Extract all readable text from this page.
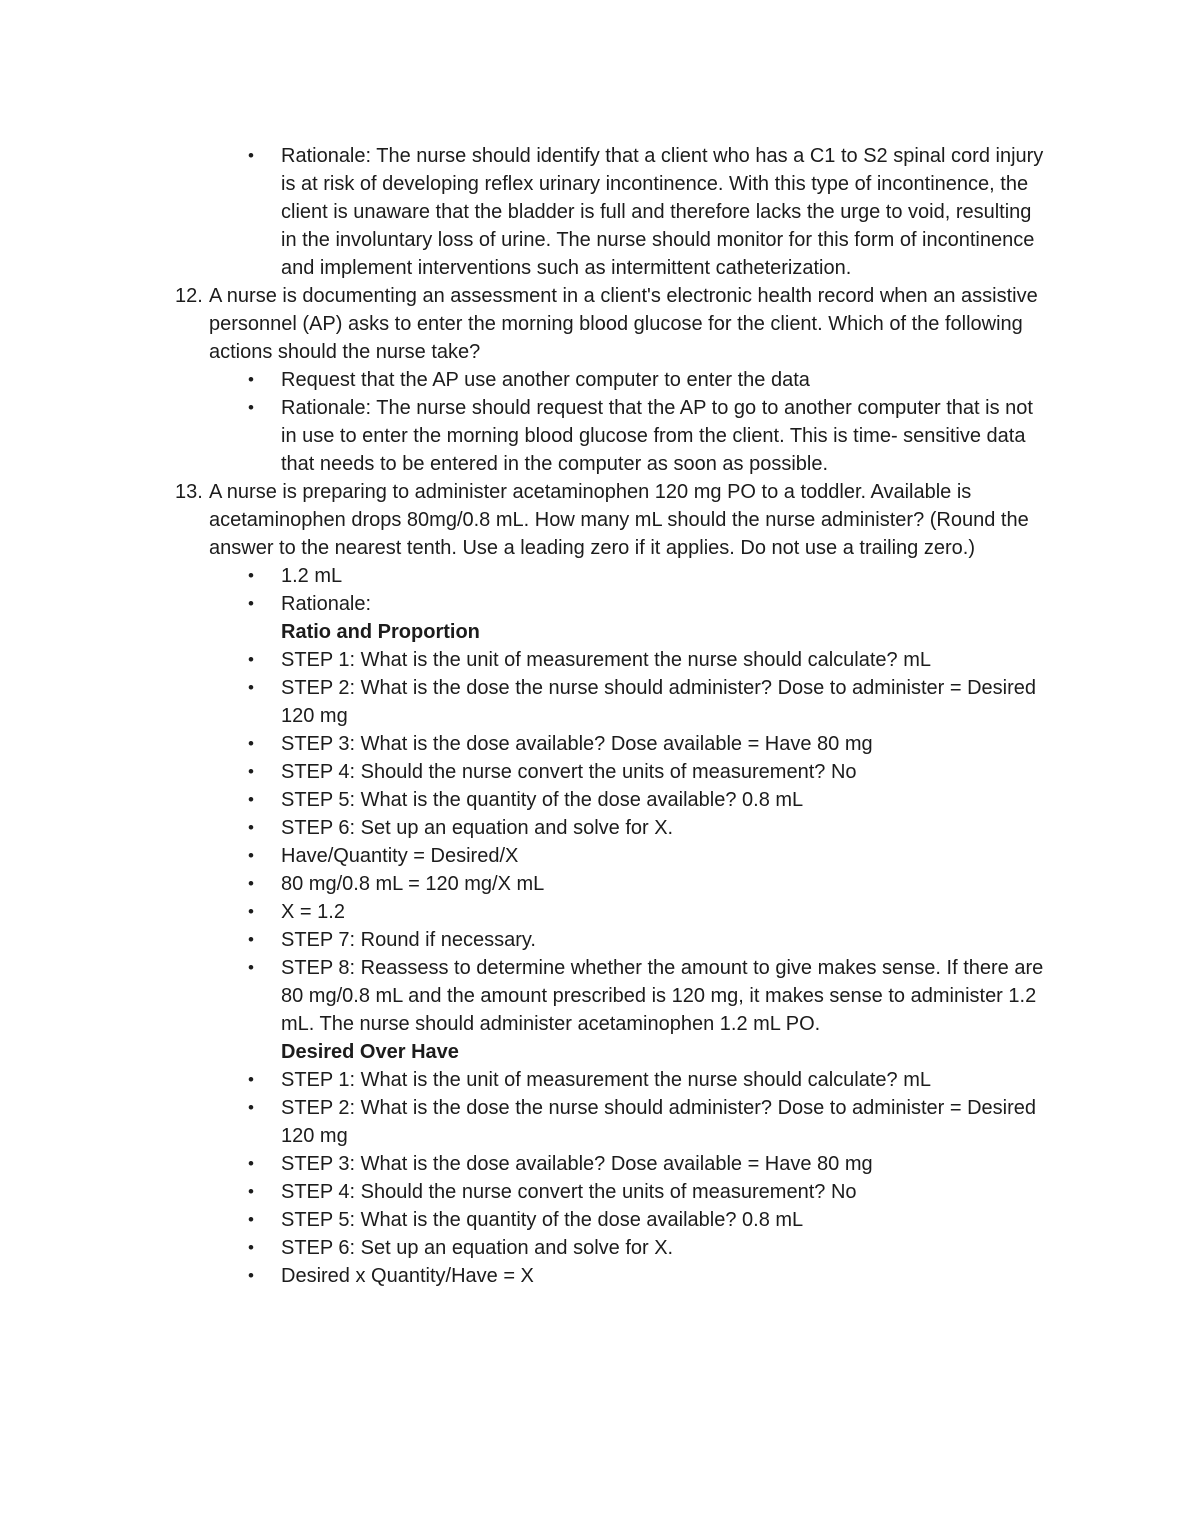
•	Rationale: The nurse should identify that a client who has a C1 to S2 spinal cord injury is at risk of developing reflex urinary incontinence. With this type of incontinence, the client is unaware that the bladder is full and therefore lacks the urge to void, resulting in the involuntary loss of urine. The nurse should monitor for this form of incontinence and implement interventions such as intermittent catheterization.
12. A nurse is documenting an assessment in a client's electronic health record when an assistive personnel (AP) asks to enter the morning blood glucose for the client. Which of the following actions should the nurse take?
•	Request that the AP use another computer to enter the data
•	Rationale: The nurse should request that the AP to go to another computer that is not in use to enter the morning blood glucose from the client. This is time- sensitive data that needs to be entered in the computer as soon as possible.
13. A nurse is preparing to administer acetaminophen 120 mg PO to a toddler. Available is acetaminophen drops 80mg/0.8 mL. How many mL should the nurse administer? (Round the answer to the nearest tenth. Use a leading zero if it applies. Do not use a trailing zero.)
•	1.2 mL
•	Rationale:
Ratio and Proportion
•	STEP 1: What is the unit of measurement the nurse should calculate? mL
•	STEP 2: What is the dose the nurse should administer? Dose to administer = Desired 120 mg
•	STEP 3: What is the dose available? Dose available = Have 80 mg
•	STEP 4: Should the nurse convert the units of measurement? No
•	STEP 5: What is the quantity of the dose available? 0.8 mL
•	STEP 6: Set up an equation and solve for X.
•	Have/Quantity = Desired/X
•	80 mg/0.8 mL = 120 mg/X mL
•	X = 1.2
•	STEP 7: Round if necessary.
•	STEP 8: Reassess to determine whether the amount to give makes sense. If there are 80 mg/0.8 mL and the amount prescribed is 120 mg, it makes sense to administer 1.2 mL. The nurse should administer acetaminophen 1.2 mL PO.
Desired Over Have
•	STEP 1: What is the unit of measurement the nurse should calculate? mL
•	STEP 2: What is the dose the nurse should administer? Dose to administer = Desired 120 mg
•	STEP 3: What is the dose available? Dose available = Have 80 mg
•	STEP 4: Should the nurse convert the units of measurement? No
•	STEP 5: What is the quantity of the dose available? 0.8 mL
•	STEP 6: Set up an equation and solve for X.
•	Desired x Quantity/Have = X
